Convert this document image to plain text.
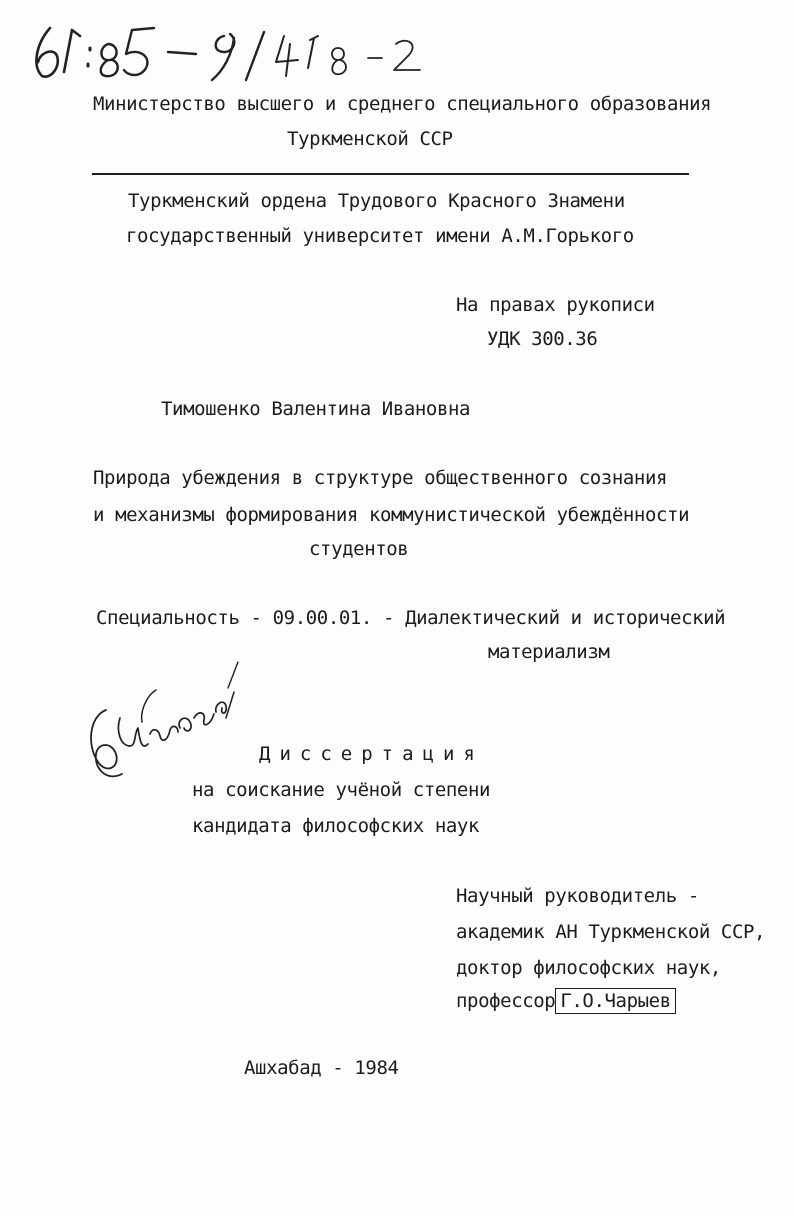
Министерство высшего и среднего специального образования
Туркменской ССР
Туркменский ордена Трудового Красного Знамени
государственный университет имени А.М.Горького
На правах рукописи
УДК 300.36
Тимошенко Валентина Ивановна
Природа убеждения в структуре общественного сознания
и механизмы формирования коммунистической убеждённости
студентов
Специальность - 09.00.01. - Диалектический и исторический
материализм
Диссертация
на соискание учёной степени
кандидата философских наук
Научный руководитель -
академик АН Туркменской ССР,
доктор философских наук,
профессор Г.О.Чарыев
Ашхабад - 1984
